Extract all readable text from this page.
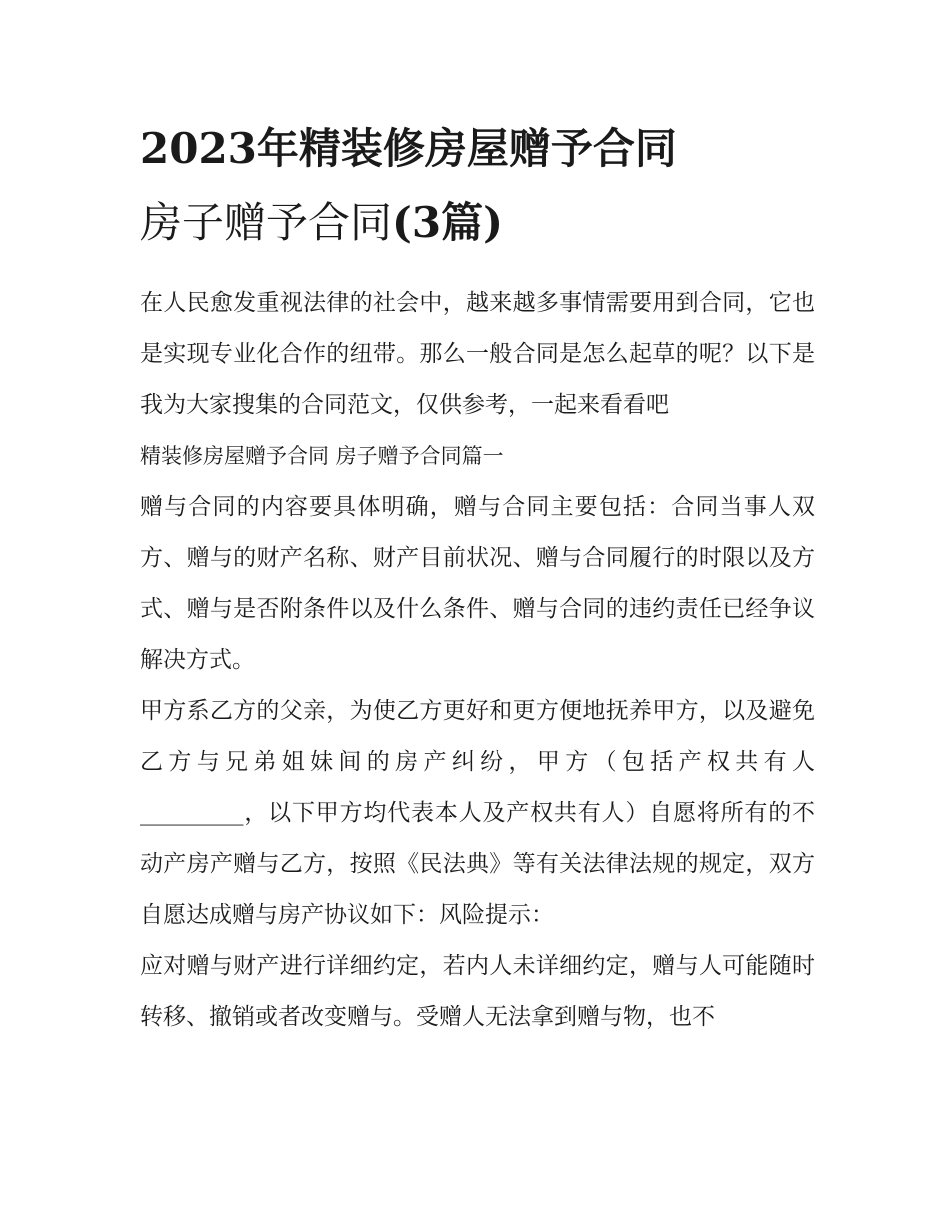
2023年精装修房屋赠予合同
房子赠予合同(3篇)

在人民愈发重视法律的社会中，越来越多事情需要用到合同，它也是实现专业化合作的纽带。那么一般合同是怎么起草的呢？以下是我为大家搜集的合同范文，仅供参考，一起来看看吧

精装修房屋赠予合同 房子赠予合同篇一

赠与合同的内容要具体明确，赠与合同主要包括：合同当事人双方、赠与的财产名称、财产目前状况、赠与合同履行的时限以及方式、赠与是否附条件以及什么条件、赠与合同的违约责任已经争议解决方式。

甲方系乙方的父亲，为使乙方更好和更方便地抚养甲方，以及避免乙方与兄弟姐妹间的房产纠纷，甲方（包括产权共有人_________，以下甲方均代表本人及产权共有人）自愿将所有的不动产房产赠与乙方，按照《民法典》等有关法律法规的规定，双方自愿达成赠与房产协议如下：风险提示：

应对赠与财产进行详细约定，若内人未详细约定，赠与人可能随时转移、撤销或者改变赠与。受赠人无法拿到赠与物，也不
